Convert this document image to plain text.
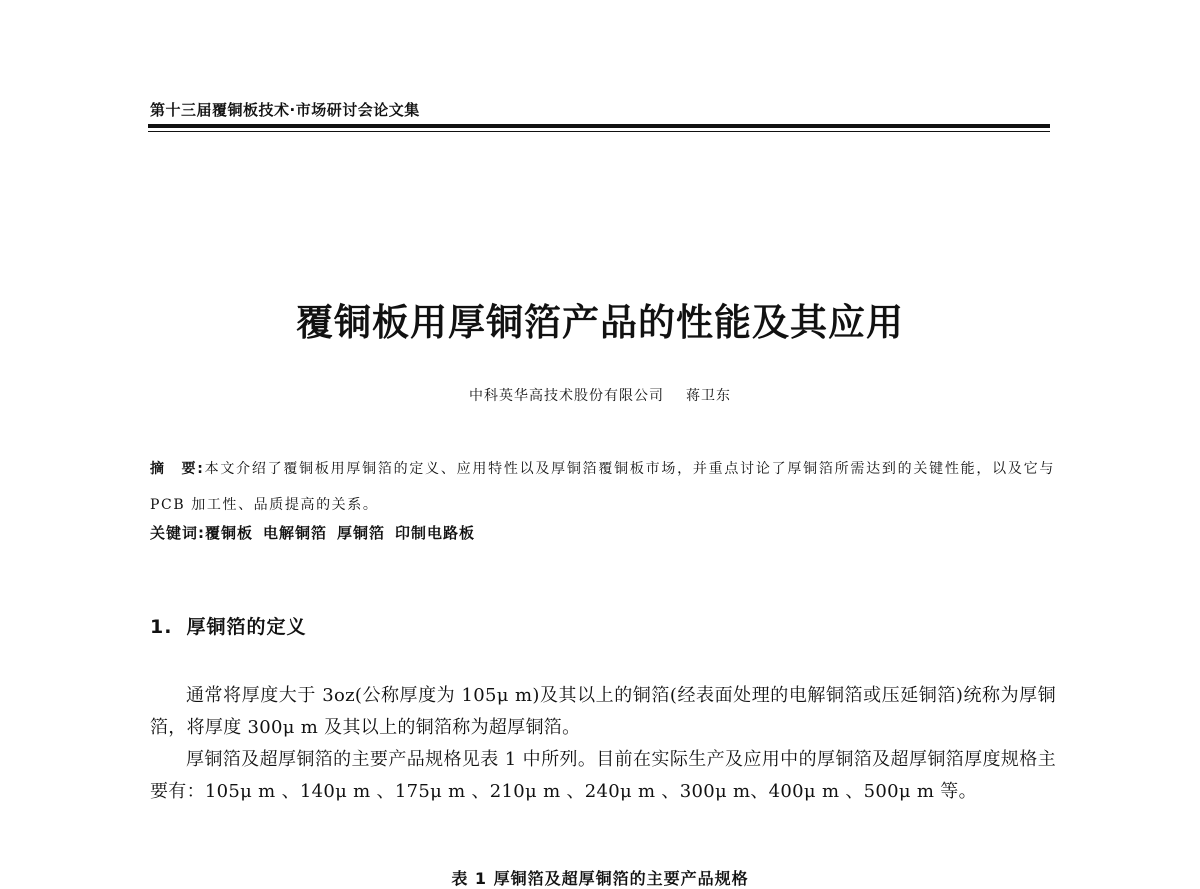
第十三届覆铜板技术·市场研讨会论文集
覆铜板用厚铜箔产品的性能及其应用
中科英华高技术股份有限公司 蒋卫东
摘　要:本文介绍了覆铜板用厚铜箔的定义、应用特性以及厚铜箔覆铜板市场，并重点讨论了厚铜箔所需达到的关键性能，以及它与 PCB 加工性、品质提高的关系。
关键词:覆铜板 电解铜箔 厚铜箔 印制电路板
1. 厚铜箔的定义

通常将厚度大于 3oz(公称厚度为 105μ m)及其以上的铜箔(经表面处理的电解铜箔或压延铜箔)统称为厚铜箔，将厚度 300μ m 及其以上的铜箔称为超厚铜箔。

厚铜箔及超厚铜箔的主要产品规格见表 1 中所列。目前在实际生产及应用中的厚铜箔及超厚铜箔厚度规格主要有：105μ m 、140μ m 、175μ m 、210μ m 、240μ m 、300μ m、400μ m 、500μ m 等。

表 1 厚铜箔及超厚铜箔的主要产品规格
